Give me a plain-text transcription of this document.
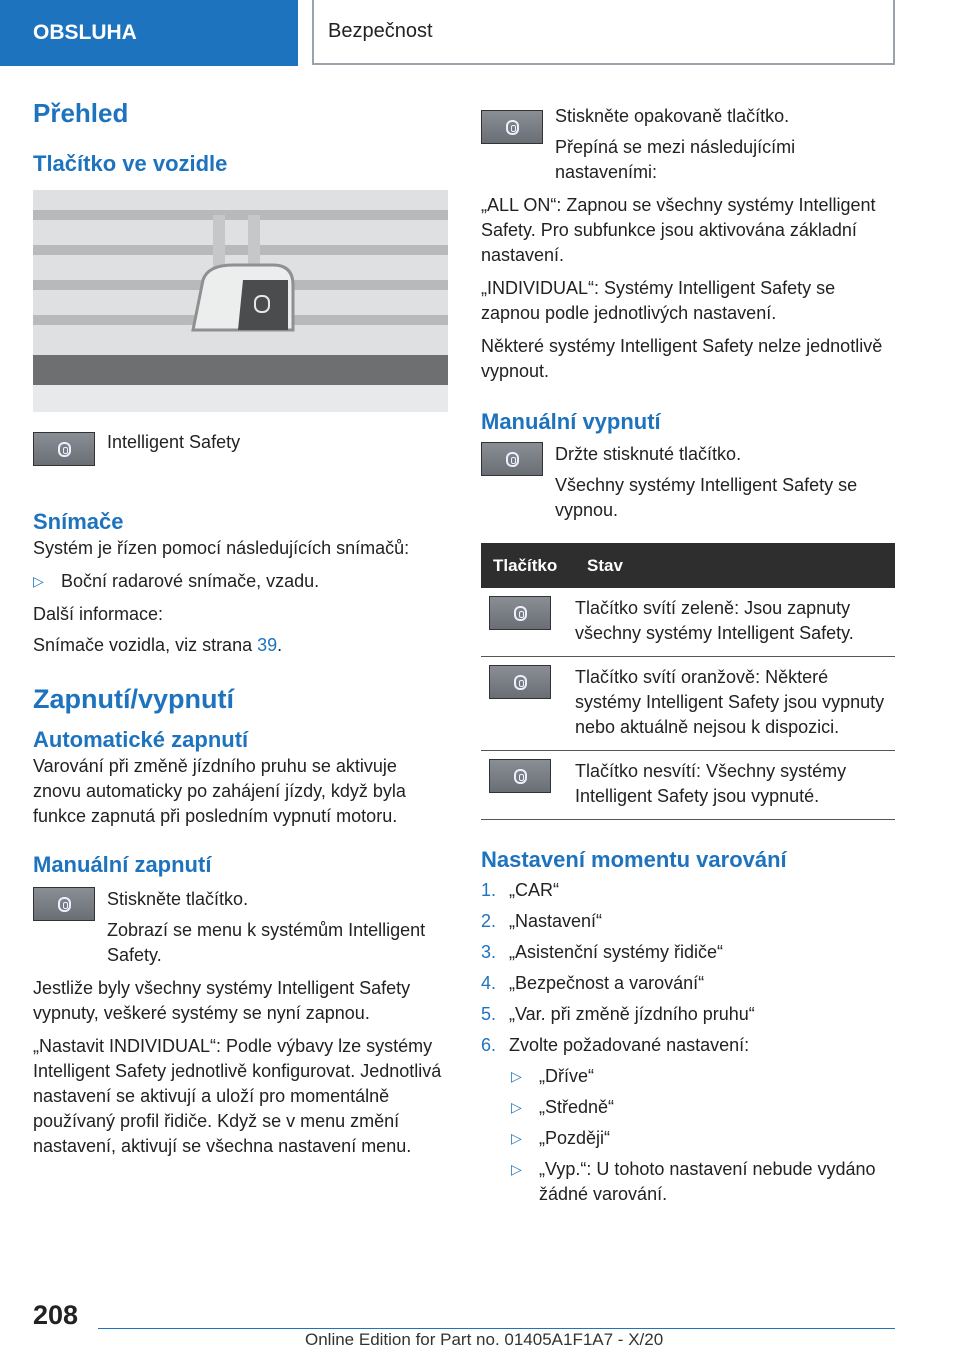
OBSLUHA	Bezpečnost

Přehled

Tlačítko ve vozidle

Intelligent Safety

Snímače

Systém je řízen pomocí následujících snímačů:

▷ Boční radarové snímače, vzadu.

Další informace:

Snímače vozidla, viz strana 39.

Zapnutí/vypnutí

Automatické zapnutí

Varování při změně jízdního pruhu se aktivuje znovu automaticky po zahájení jízdy, když byla funkce zapnutá při posledním vypnutí motoru.

Manuální zapnutí

Stiskněte tlačítko.

Zobrazí se menu k systémům Intelligent Safety.

Jestliže byly všechny systémy Intelligent Safety vypnuty, veškeré systémy se nyní zapnou.

„Nastavit INDIVIDUAL“: Podle výbavy lze systémy Intelligent Safety jednotlivě konfigurovat. Jednotlivá nastavení se aktivují a uloží pro momentálně používaný profil řidiče. Když se v menu změní nastavení, aktivují se všechna nastavení menu.

Stiskněte opakovaně tlačítko.

Přepíná se mezi následujícími nastaveními:

„ALL ON“: Zapnou se všechny systémy Intelligent Safety. Pro subfunkce jsou aktivována základní nastavení.

„INDIVIDUAL“: Systémy Intelligent Safety se zapnou podle jednotlivých nastavení.

Některé systémy Intelligent Safety nelze jednotlivě vypnout.

Manuální vypnutí

Držte stisknuté tlačítko.

Všechny systémy Intelligent Safety se vypnou.

Tlačítko	Stav

	Tlačítko svítí zeleně: Jsou zapnuty všechny systémy Intelligent Safety.

	Tlačítko svítí oranžově: Některé systémy Intelligent Safety jsou vypnuty nebo aktuálně nejsou k dispozici.

	Tlačítko nesvítí: Všechny systémy Intelligent Safety jsou vypnuté.

Nastavení momentu varování

1. „CAR“
2. „Nastavení“
3. „Asistenční systémy řidiče“
4. „Bezpečnost a varování“
5. „Var. při změně jízdního pruhu“
6. Zvolte požadované nastavení:
▷ „Dříve“
▷ „Středně“
▷ „Později“
▷ „Vyp.“: U tohoto nastavení nebude vydáno žádné varování.
208
Online Edition for Part no. 01405A1F1A7 - X/20
